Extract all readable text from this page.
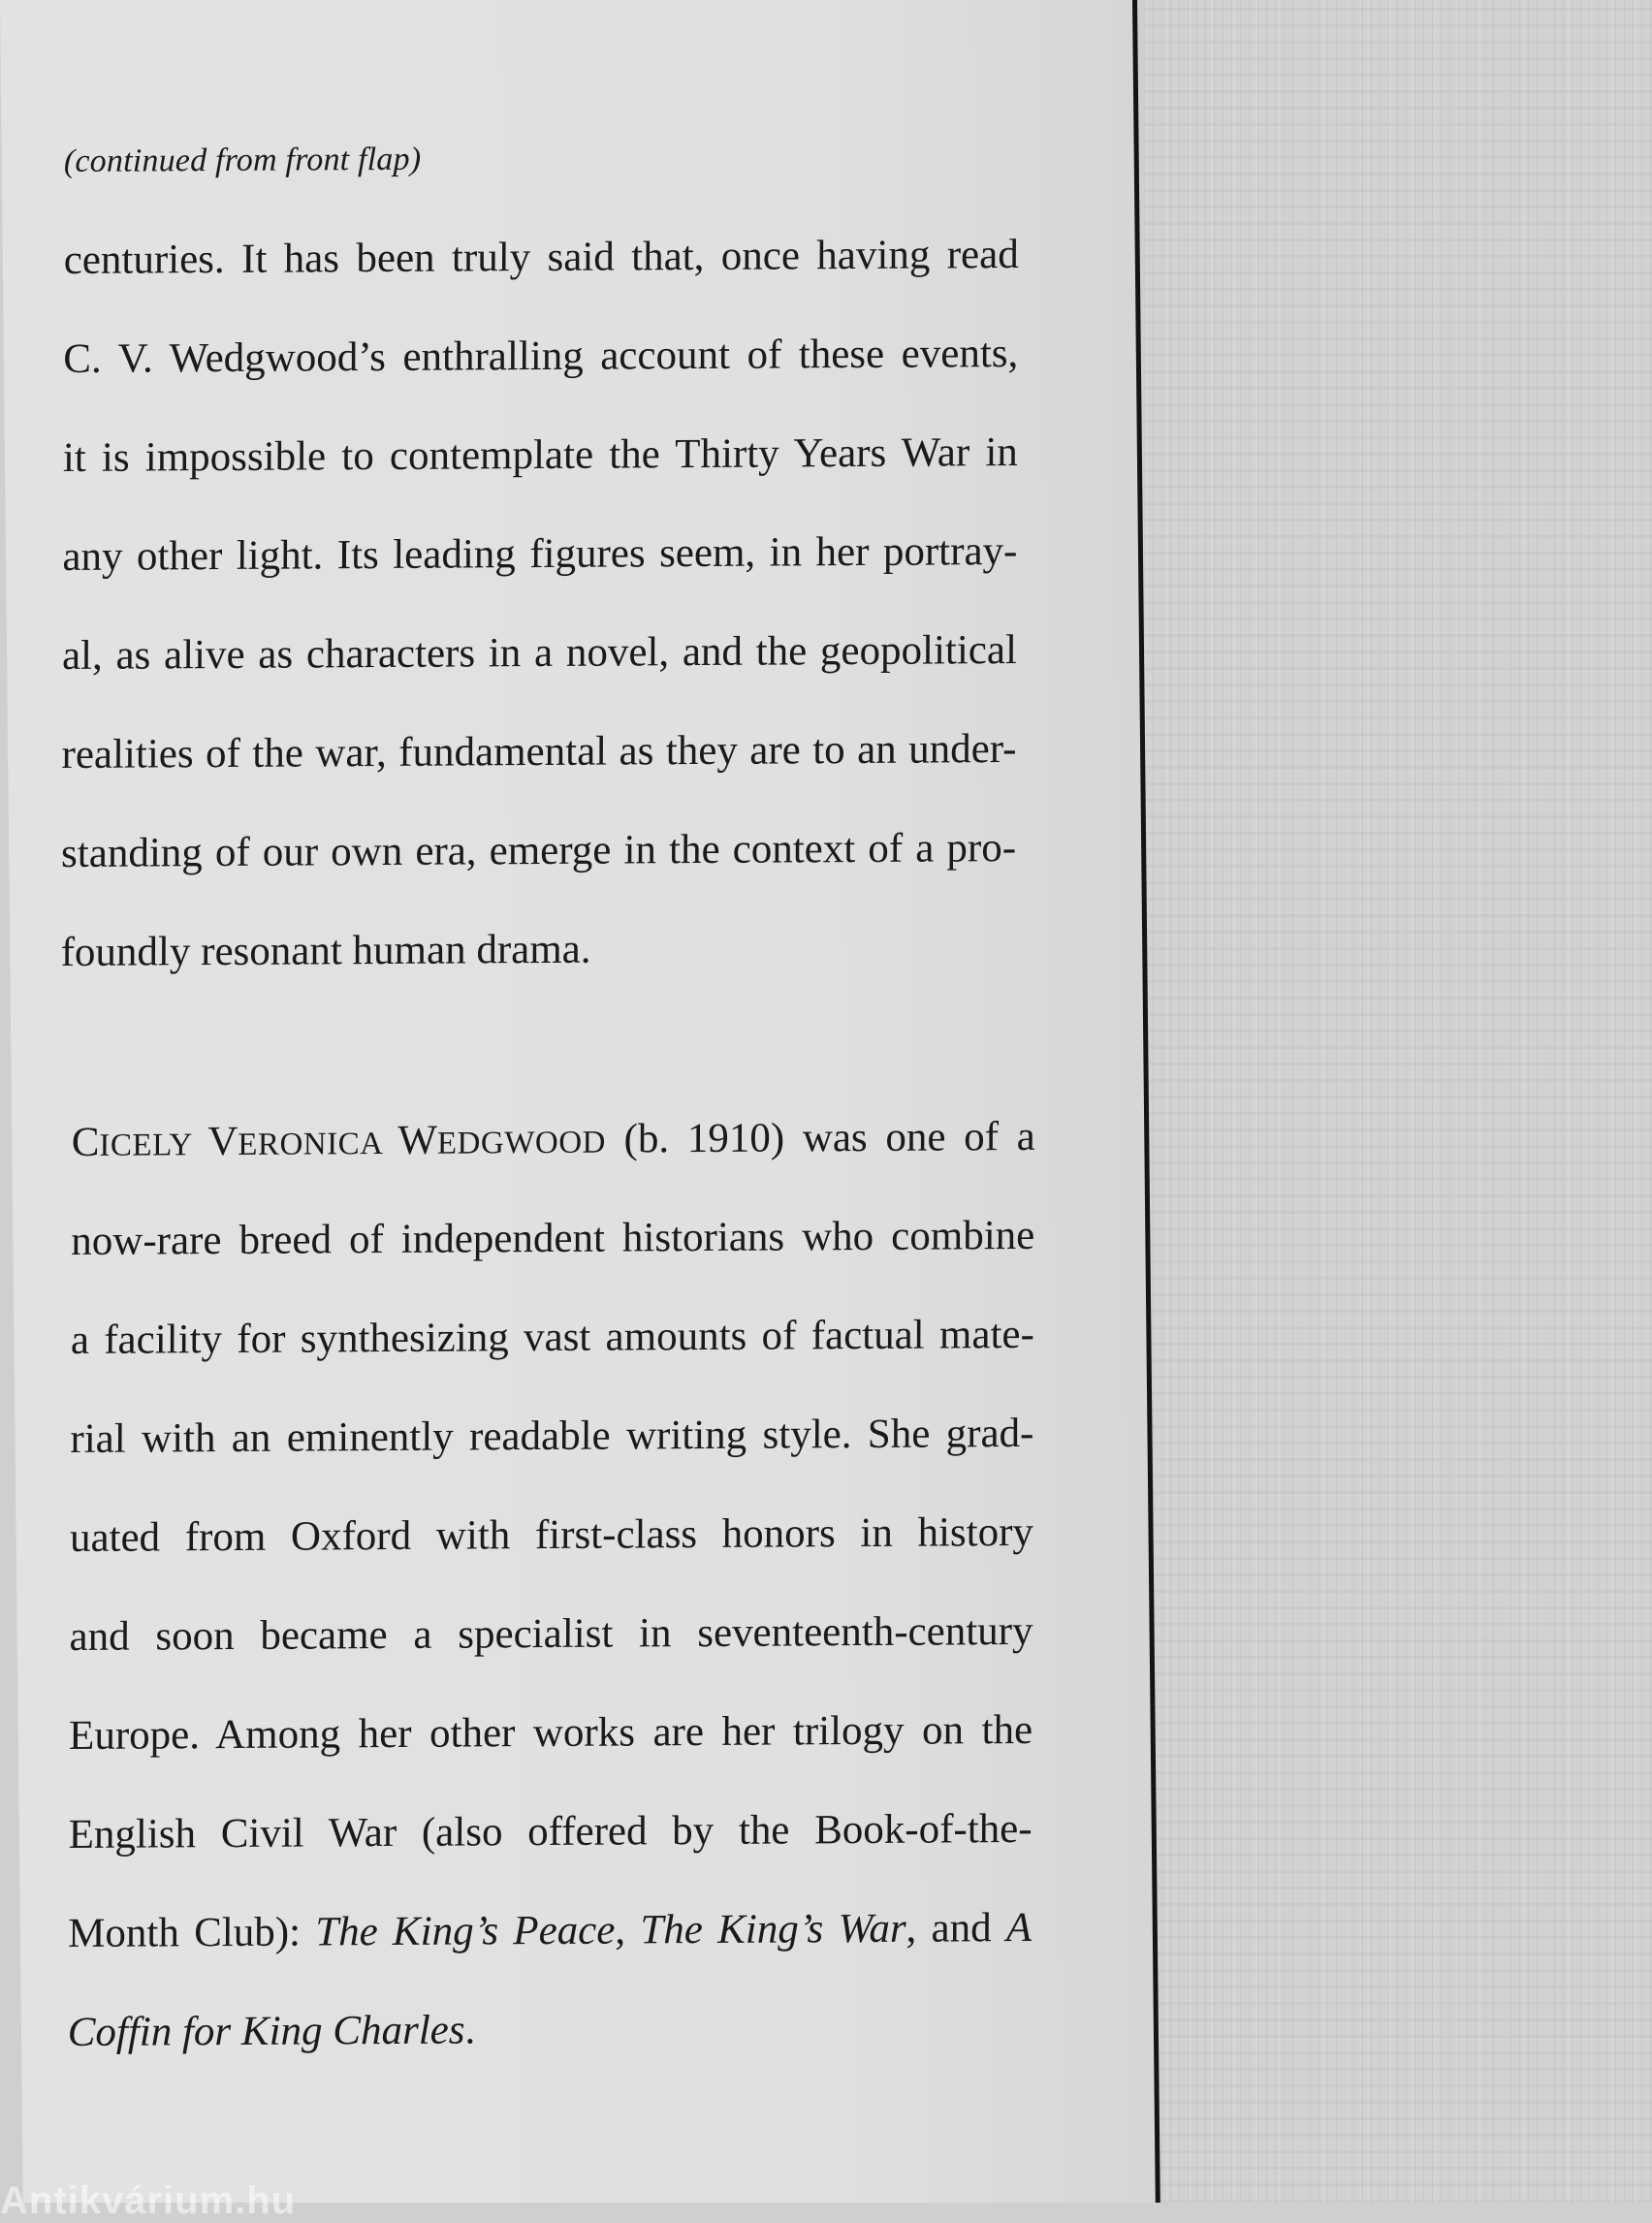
(continued from front flap)
centuries. It has been truly said that, once having read
C. V. Wedgwood’s enthralling account of these events,
it is impossible to contemplate the Thirty Years War in
any other light. Its leading figures seem, in her portray-
al, as alive as characters in a novel, and the geopolitical
realities of the war, fundamental as they are to an under-
standing of our own era, emerge in the context of a pro-
foundly resonant human drama.
CICELY VERONICA WEDGWOOD (b. 1910) was one of a
now-rare breed of independent historians who combine
a facility for synthesizing vast amounts of factual mate-
rial with an eminently readable writing style. She grad-
uated from Oxford with first-class honors in history
and soon became a specialist in seventeenth-century
Europe. Among her other works are her trilogy on the
English Civil War (also offered by the Book-of-the-
Month Club): The King’s Peace, The King’s War, and A
Coffin for King Charles.
Antikvárium.hu
